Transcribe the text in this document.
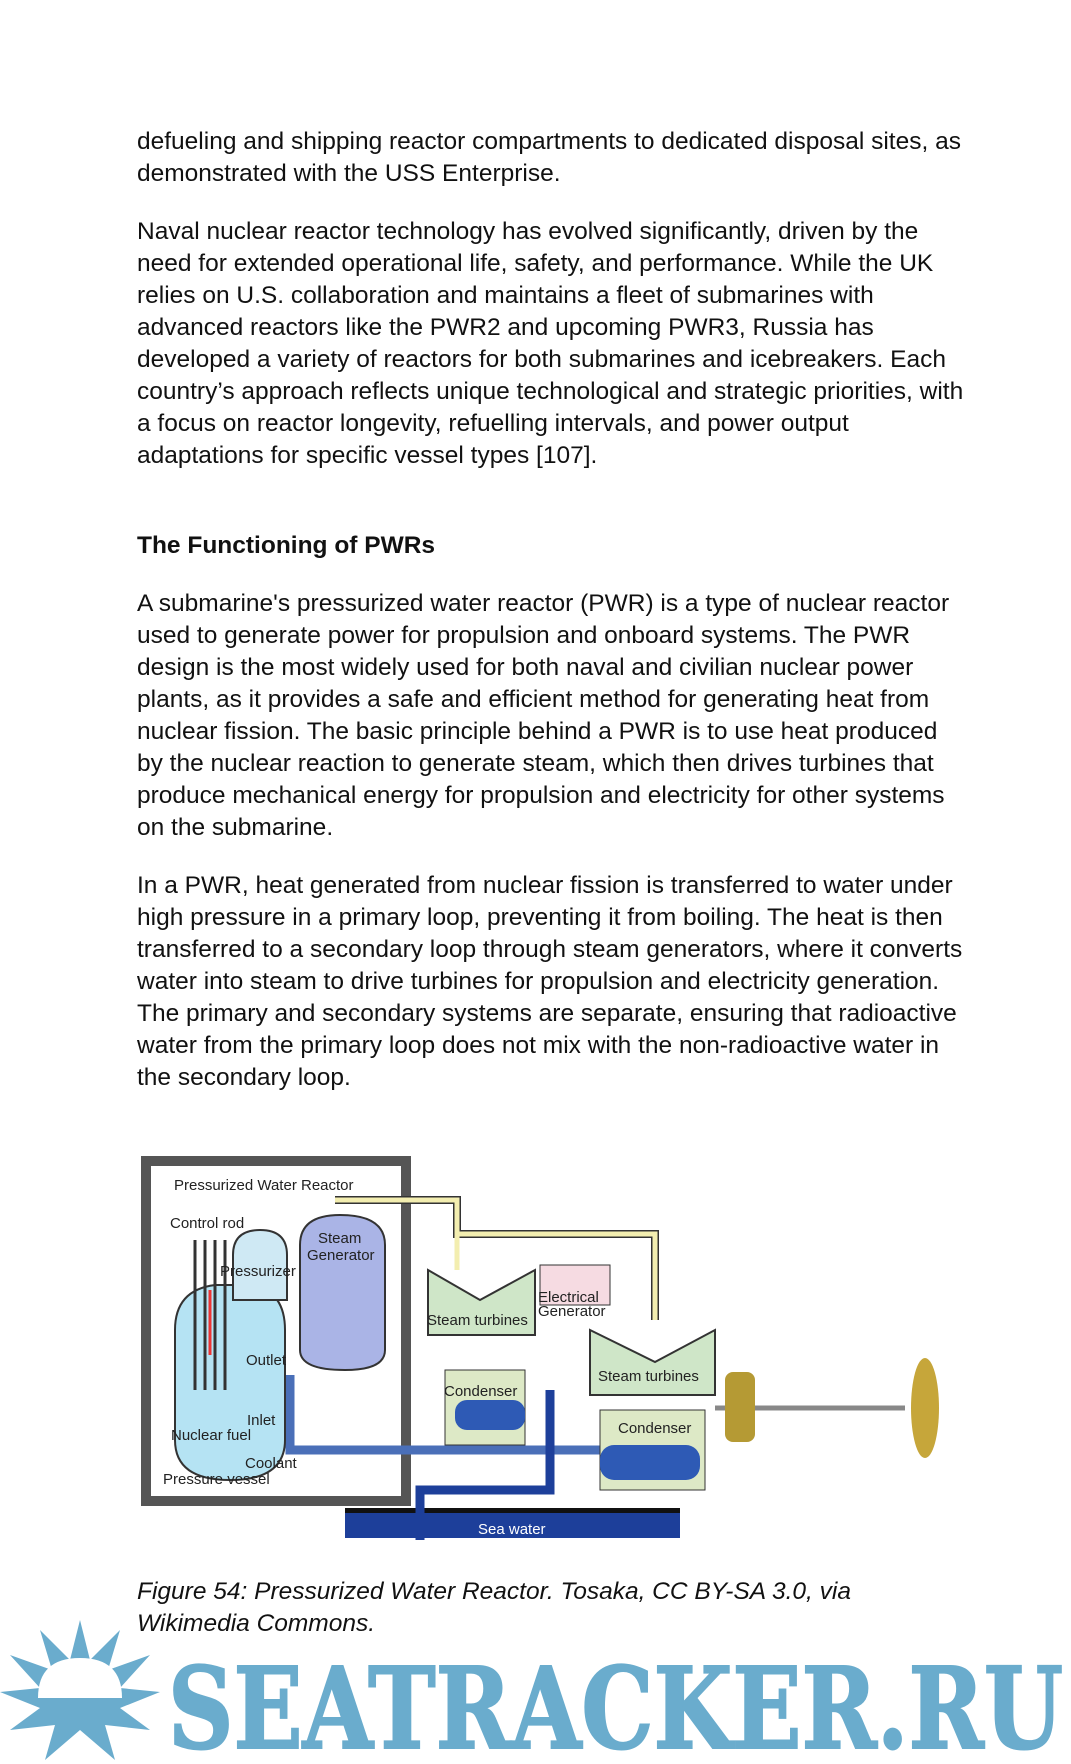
defueling and shipping reactor compartments to dedicated disposal sites, as demonstrated with the USS Enterprise.

Naval nuclear reactor technology has evolved significantly, driven by the need for extended operational life, safety, and performance. While the UK relies on U.S. collaboration and maintains a fleet of submarines with advanced reactors like the PWR2 and upcoming PWR3, Russia has developed a variety of reactors for both submarines and icebreakers. Each country’s approach reflects unique technological and strategic priorities, with a focus on reactor longevity, refuelling intervals, and power output adaptations for specific vessel types [107].

The Functioning of PWRs

A submarine's pressurized water reactor (PWR) is a type of nuclear reactor used to generate power for propulsion and onboard systems. The PWR design is the most widely used for both naval and civilian nuclear power plants, as it provides a safe and efficient method for generating heat from nuclear fission. The basic principle behind a PWR is to use heat produced by the nuclear reaction to generate steam, which then drives turbines that produce mechanical energy for propulsion and electricity for other systems on the submarine.

In a PWR, heat generated from nuclear fission is transferred to water under high pressure in a primary loop, preventing it from boiling. The heat is then transferred to a secondary loop through steam generators, where it converts water into steam to drive turbines for propulsion and electricity generation. The primary and secondary systems are separate, ensuring that radioactive water from the primary loop does not mix with the non-radioactive water in the secondary loop.

Pressurized Water Reactor
Control rod
Pressurizer
Steam
Generator
Outlet
Inlet
Nuclear fuel
Coolant
Pressure vessel
Steam turbines
Electrical
Generator
Steam turbines
Condenser
Condenser
Sea water
Figure 54: Pressurized Water Reactor. Tosaka, CC BY-SA 3.0, via Wikimedia Commons.
SEATRACKER.RU
